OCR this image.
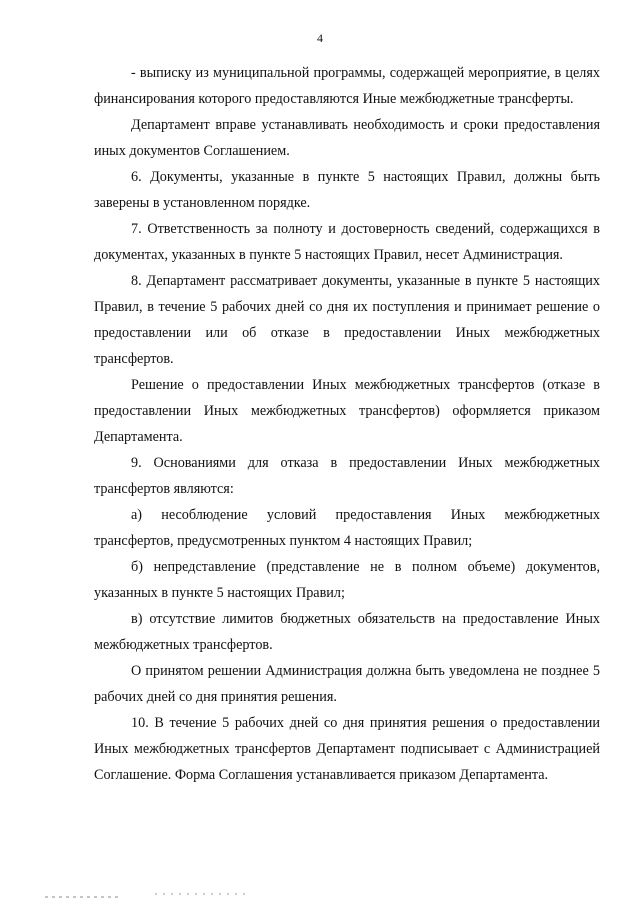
4

- выписку из муниципальной программы, содержащей мероприятие, в целях финансирования которого предоставляются Иные межбюджетные трансферты.

Департамент вправе устанавливать необходимость и сроки предоставления иных документов Соглашением.

6. Документы, указанные в пункте 5 настоящих Правил, должны быть заверены в установленном порядке.

7. Ответственность за полноту и достоверность сведений, содержащихся в документах, указанных в пункте 5 настоящих Правил, несет Администрация.

8. Департамент рассматривает документы, указанные в пункте 5 настоящих Правил, в течение 5 рабочих дней со дня их поступления и принимает решение о предоставлении или об отказе в предоставлении Иных межбюджетных трансфертов.

Решение о предоставлении Иных межбюджетных трансфертов (отказе в предоставлении Иных межбюджетных трансфертов) оформляется приказом Департамента.

9. Основаниями для отказа в предоставлении Иных межбюджетных трансфертов являются:

а) несоблюдение условий предоставления Иных межбюджетных трансфертов, предусмотренных пунктом 4 настоящих Правил;

б) непредставление (представление не в полном объеме) документов, указанных в пункте 5 настоящих Правил;

в) отсутствие лимитов бюджетных обязательств на предоставление Иных межбюджетных трансфертов.

О принятом решении Администрация должна быть уведомлена не позднее 5 рабочих дней со дня принятия решения.

10. В течение 5 рабочих дней со дня принятия решения о предоставлении Иных межбюджетных трансфертов Департамент подписывает с Администрацией Соглашение. Форма Соглашения устанавливается приказом Департамента.
